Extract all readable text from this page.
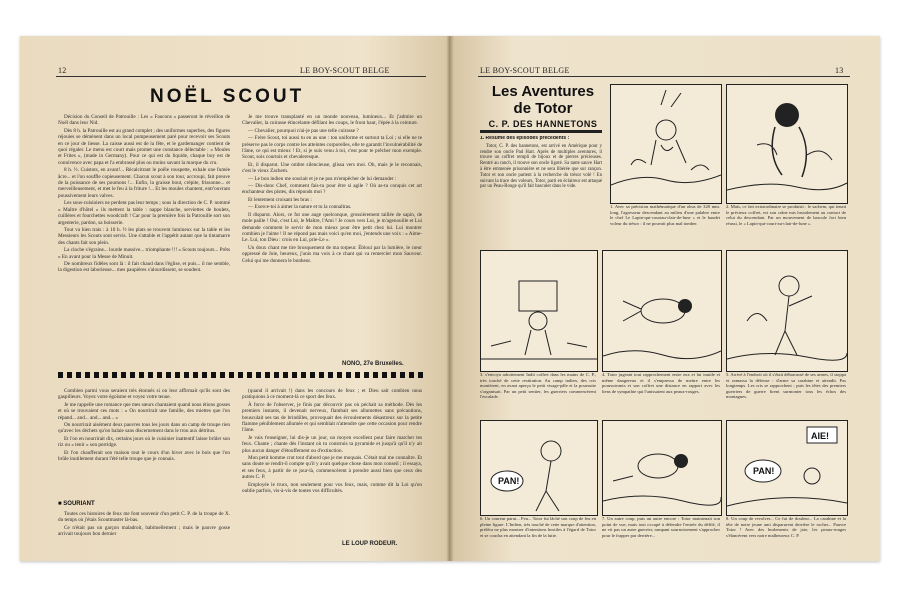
12	LE BOY-SCOUT BELGE
NOËL SCOUT

Décision du Conseil de Patrouille : Les « Faucons » passeront le réveillon de Noël dans leur Nid.

Dès 8 h. la Patrouille est au grand complet ; des uniformes superbes, des figures réjouies se démènent dans un local pompeusement paré pour recevoir ses Scouts en ce jour de liesse. La caisse aussi est de la fête, et le gardemanger contient de quoi régaler. Le menu est court mais promet une constance délectable : « Moules et Frites », (made in Germany). Pour ce qui est du liquide, chaque boy est de connivence avec papa et l'a embrassé plus ou moins savant la marque du cru.

8 h. ½. Cuistots, en avant!... Récalcitrant le poêle rouspette, exhale une fumée âcre... et l'on souffle copieusement. Chacun scout à son tour, accroupi, fait preuve de la puissance de ses poumons !... Enfin, la graisse bout, crépite, frissonne... et merveilleusement, et met le feu à la friture !... Et les moules chantent, entr'ouvrant poussivement leurs valves.

Les sous-cuisiniers ne perdent pas leur temps ; sous la direction de C. P. nommé « Maître d'hôtel » ils mettent la table : nappe blanche, serviettes de boulets, cuillères et fourchettes woodcraft ! Car pour la première fois la Patrouille sort son argenterie, pardon, sa boisserie.

Tout va bien trais : à 10 h. ½ les plats se trouvent lumineux sur la table et les Messieurs les Scouts sont servis. Une s'attable et l'appétit autant que la tintamarre des chants fait son plein.

La cloche s'égraine... lourde massive... triomphante !!! « Scouts toujours... Prêts » En avant pour la Messe de Minuit.

De nombreux fidèles sont là : il fait chaud dans l'église, et puis... il me semble, la digestion est laborieuse... mes paupières s'alourdissent, se soudent.

Je me trouve transplanté en un monde nouveau, lumineux... Et j'admire un Chevalier, la cuirasse étincelante défilant les coups, le front haut, l'épée à la ceinture.

— Chevalier, pourquoi n'ai-je pas une telle cuirasse ?

— Frère Scout, toi aussi tu en as une : ton uniforme et surtout ta Loi ; si elle ne te préserve pas le corps contre les atteintes corporelles, elle te garantit l'invulnérabilité de l'âme, ce qui est mieux ! Et, si je suis venu à toi, c'est pour te prêcher mon exemple. Scout, sois courtois et chevaleresque.

Et, il disparut. Une ombre silencieuse, glissa vers moi. Oh, mais je le reconnais, c'est le vieux Zachem.

— Le bon indien me souriait et je ne pus m'empêcher de lui demander :

— Dis-donc Chef, comment fais-tu pour être si agile ? Où as-tu conquis cet art enchanteur des pistes, dis réponds moi ?

Et lentement croisant les bras :

— Exerce-toi à aimer la nature et tu la connaîtras.

Il disparut. Alors, ce fut une auge quelconque, grossièrement taillée de sapin, de mole paille ! Oui, c'est Lui, le Maître, l'Ami ! Je cours vers Lui, je m'agenouille et Lui demande comment le servir de mon mieux pour être petit chez lui. Lui montrer combien je l'aime ! Il ne répond pas mais voici qu'en moi, j'entends une voix : « Aime-Le. Lui, ton Dieu : crois en Lui, prie-Le ».

Un doux chant me tire brusquement de ma torpeur. Ébloui par la lumière, le cœur oppressé de Joie, heureux, j'unis ma voix à ce chant qui va remercier mon Sauveur. Celui qui me donnera le bonheur.

NONO, 27e Bruxelles.

Combien parmi vous seraient très étonnés si on leur affirmait qu'ils sont des gaspilleurs. Voyez votre égoïsme et voyez votre tenue.

Je me rappelle une romance que mes sœurs chantaient quand nous étions gosses et où se trouvaient ces mots : « On nourrirait une famille, des miettes que l'on répand... and... and... and... »

On nourrirait aisément deux pauvres tous les jours dans un camp de troupe rien qu'avec les déchets qu'on balaie sans discernement dans le trou aux détritus.

Et l'on en nourrirait dix, certains jours où le cuisinier inattentif laisse brûler son riz ou « tenir » son porridge.

Et l'on chaufferait son maison tout le cours d'un hiver avec le bois que l'on brûle inutilement durant l'été telle troupe que je connais.

■ SOURIANT

Toutes ces histoires de feux me font souvenir d'un petit C. P. de la troupe de X. du temps où j'étais Scoutmaster là-bas.

Ce n'était pas un garçon maladroit, habituellement ; mais le pauvre gosse arrivait toujours bon dernier

(quand il arrivait !) dans les concours de feux ; et Dieu sait combien nous pratiquions à ce moment-là ce sport des feux.

À force de l'observer, je finis par découvrir pas où péchait sa méthode. Dès les premiers instants, il devenait nerveux, flambait ses allumettes sans précautions, bousculait ses tas de brindilles, provoquait des écroulements désastreux sur la petite flamme péniblement allumée et qui semblait n'attendre que cette occasion pour rendre l'âme.

Je vais t'enseigner, lui dis-je un jour, un moyen excellent pour faire marcher tes feux. Chante ; chante dès l'instant où tu construis ta pyramide et jusqu'à qu'il n'y ait plus aucun danger d'étouffement ou d'extinction.

Mon petit homme crut tout d'abord que je me moquais. C'était mal me connaître. Et sans doute se rendit-il compte qu'il y avait quelque chose dans mon conseil ; il essaya, et ses feux, à partir de ce jour-là, commencèrent à prendre aussi bien que ceux des autres C. P.

Employée le trucs, non seulement pour vos feux, mais, comme dit la Loi qu'on oublie parfois, vis-à-vis de toutes vos difficultés.

LE LOUP RODEUR.
LE BOY-SCOUT BELGE	13
Les Aventures de Totor
C. P. DES HANNETONS
1. Résumé des épisodes précédents :

Totor, C. P. des hannetons, est arrivé en Amérique pour y rendre son oncle Pad Hart. Après de multiples aventures, il trouve un coffret rempli de bijoux et de pierres précieuses. Rentré au ranch, il trouve son oncle ligoté. Sa tante sauve Hart à être emmenée prisonnière et ne sera libérée que sur rançon. Totor et son oncle partent à la recherche du trésor volé ! En suivant la trace des voleurs, Totor, parti en éclaireur est attaqué par un Peau-Rouge qu'il fait basculer dans le vide.

1. Avec sa précision mathématique d'un obus de 320 mm. long, l'agresseur descendant au milieu d'une palabre entre le chef Le Lapin-qui-courtau-clair-de-lune » et le haudet voleur du trésor : il ne pouvait plus mal tomber.
2. Mais, ce fait extraordinaire se produisit : le sachem, qui tenait le précieux coffret, est son crâne mis brutalement au contact de celui du descendant. Par un mouvement de bascule fort bien réussi, le « Lapin-qui-court-au-clair-de-lune ».
3. s'envoya adroitement Indit coffret dans les mains de C. P., très touché de cette restitution. Au camp indien, des cris montèrent, en avant aperçu le petit visage-pâle et la poursuite s'organisait. Par un petit sentier, les guerriers commencèrent l'escalade.
4. Totor jugeant tout rapprochement entre eux et lui inutile et même dangereux et il s'empressa de mettre entre les poursuivants et son coffret une distance en rapport avec les liens de sympathie qui l'unissaient aux peaux-rouges.
5. Arrivé à l'endroit où il s'était débarrassé de ses armes, il stoppa et ramassa la défense : d'arme sa carabine et attendit. Pas longtemps. Les cris se rapprochent ; puis les têtes des premiers guerriers de guerre firent surmonter tous les échos des montagnes.
PAN!
AIE!
PAN!
6. Un coureur parut... Feu... Totor fut lâché son coup de feu en pleine figure. L'Indien, très touché de cette marque d'attention, préféra ne plus montrer d'intentions hostiles à l'égard de Totor et se coucha en attendant la fin de la lutte.
7. Un autre coup, puis un autre encore : Totor maintenait son point de vue, mais tout occupé à défendre l'entrée du défilé, il ne vit pas un autre guerrier, rampant sournoisement s'approcher pour le frapper par derrière...
8. Un coup de revolver... Ce fut de douleur... La carabine et la tête de notre jeune ami disparurent derrière le rocher... Pauvre Totor ! Avec des hurlements de joie, les peaux-rouges s'élancèrent vers notre malheureux C. P.
